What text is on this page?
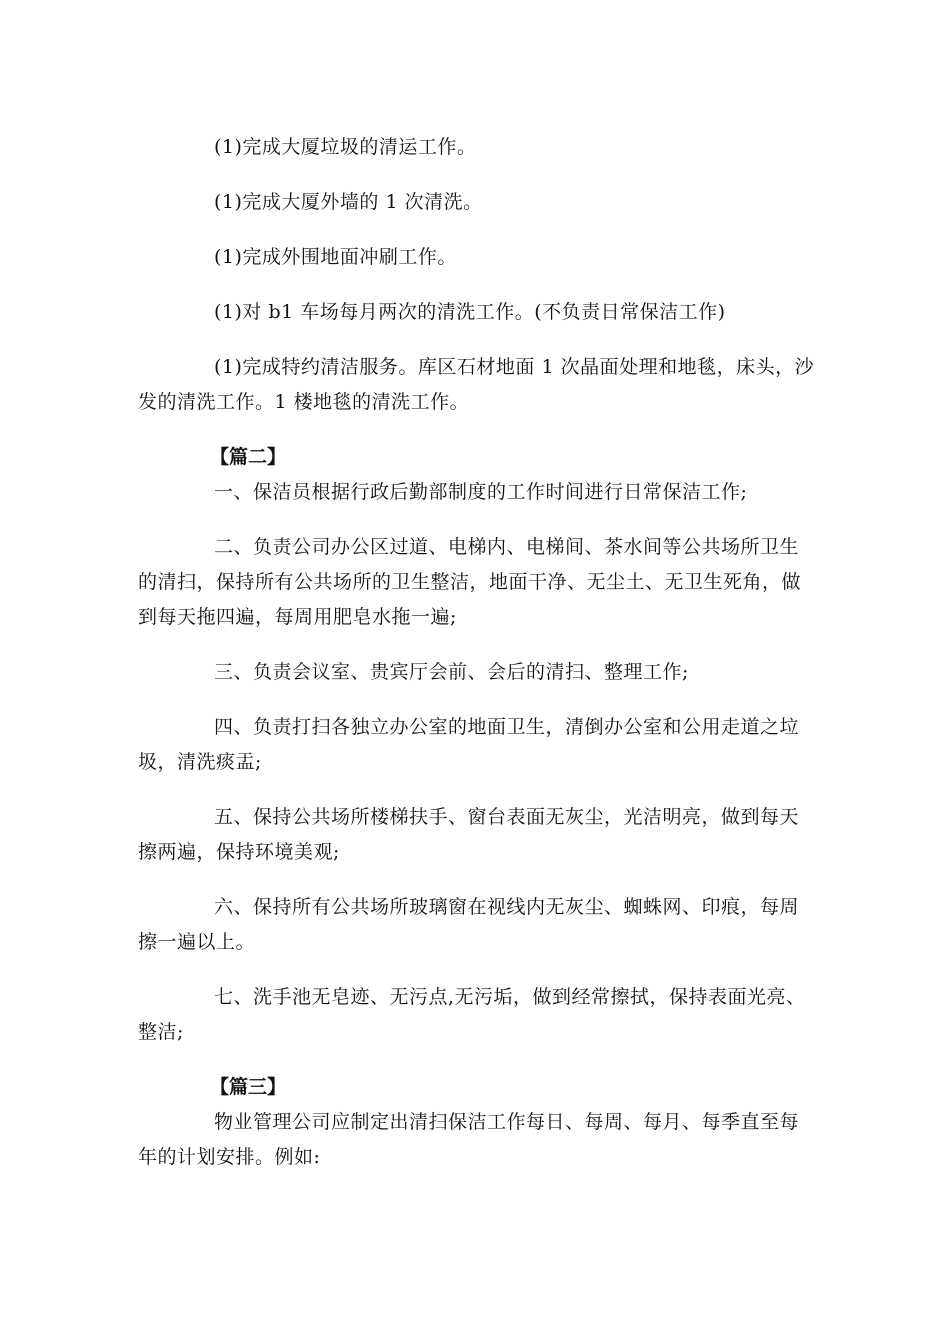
(1)完成大厦垃圾的清运工作。

(1)完成大厦外墙的 1 次清洗。

(1)完成外围地面冲刷工作。

(1)对 b1 车场每月两次的清洗工作。(不负责日常保洁工作)

(1)完成特约清洁服务。库区石材地面 1 次晶面处理和地毯，床头，沙发的清洗工作。1 楼地毯的清洗工作。

【篇二】

一、保洁员根据行政后勤部制度的工作时间进行日常保洁工作;

二、负责公司办公区过道、电梯内、电梯间、茶水间等公共场所卫生的清扫，保持所有公共场所的卫生整洁，地面干净、无尘土、无卫生死角，做到每天拖四遍，每周用肥皂水拖一遍;

三、负责会议室、贵宾厅会前、会后的清扫、整理工作;

四、负责打扫各独立办公室的地面卫生，清倒办公室和公用走道之垃圾，清洗痰盂;

五、保持公共场所楼梯扶手、窗台表面无灰尘，光洁明亮，做到每天擦两遍，保持环境美观;

六、保持所有公共场所玻璃窗在视线内无灰尘、蜘蛛网、印痕，每周擦一遍以上。

七、洗手池无皂迹、无污点,无污垢，做到经常擦拭，保持表面光亮、整洁;

【篇三】

物业管理公司应制定出清扫保洁工作每日、每周、每月、每季直至每年的计划安排。例如:
